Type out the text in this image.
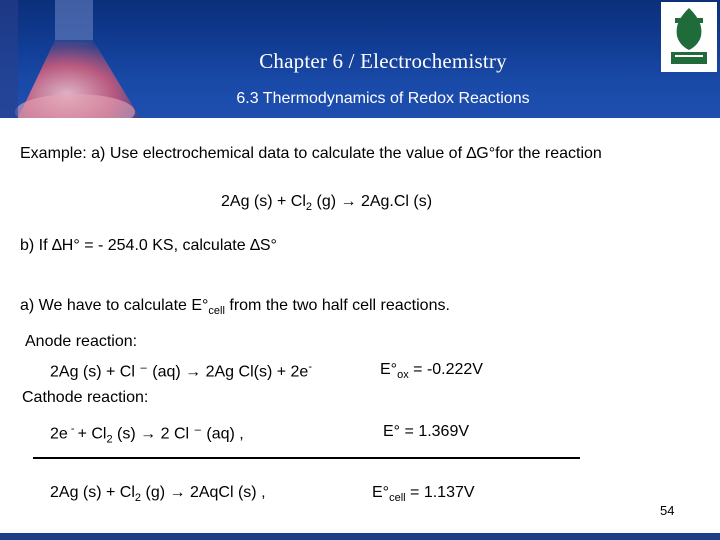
Chapter 6 / Electrochemistry
6.3 Thermodynamics of Redox Reactions
Example: a) Use electrochemical data to calculate the value of ∆G°for the reaction
2Ag $(s) + Cl_2$ (g) → 2Ag.Cl (s)
b) If ∆H° = - 254.0 KS, calculate ∆S°
a) We have to calculate $E^\circ_{cell}$ from the two half cell reactions.
Anode reaction:
2Ag (s) + Cl ⁻ (aq) → 2Ag Cl(s) + 2e-	$E^\circ_{ox} = -0.222V$
Cathode reaction:
2e $^- + Cl_2$ (s) → 2 Cl ⁻ (aq) ,	E° = 1.369V
2Ag $(s) + Cl_2$ (g) → 2AqCl (s) ,	$E^\circ_{cell} = 1.137V$
54
